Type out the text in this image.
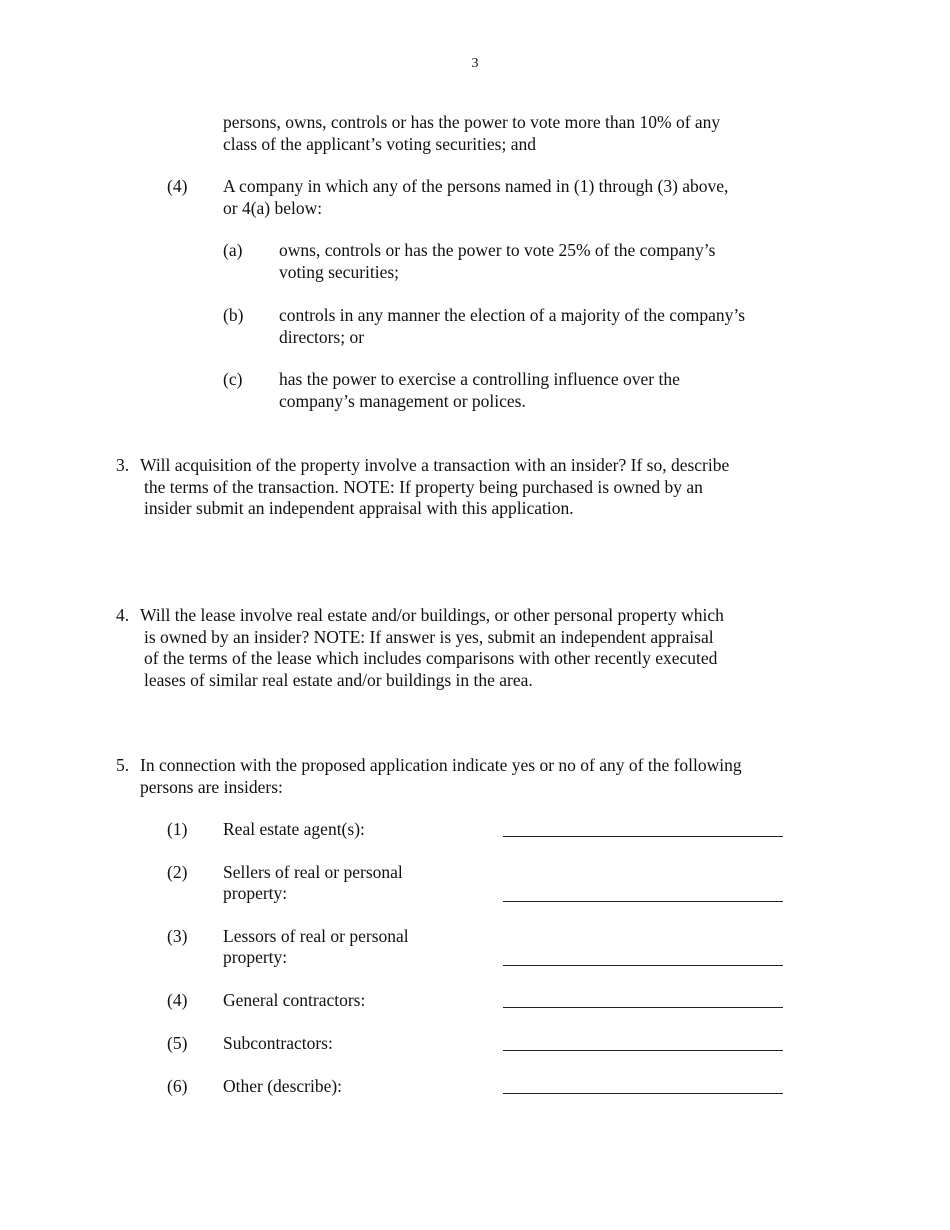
3
persons, owns, controls or has the power to vote more than 10% of any
class of the applicant’s voting securities; and
(4) A company in which any of the persons named in (1) through (3) above,
or 4(a) below:
(a) owns, controls or has the power to vote 25% of the company’s
voting securities;
(b) controls in any manner the election of a majority of the company’s
directors; or
(c) has the power to exercise a controlling influence over the
company’s management or polices.
3. Will acquisition of the property involve a transaction with an insider? If so, describe
the terms of the transaction. NOTE: If property being purchased is owned by an
insider submit an independent appraisal with this application.
4. Will the lease involve real estate and/or buildings, or other personal property which
is owned by an insider? NOTE: If answer is yes, submit an independent appraisal
of the terms of the lease which includes comparisons with other recently executed
leases of similar real estate and/or buildings in the area.
5. In connection with the proposed application indicate yes or no of any of the following
persons are insiders:
(1) Real estate agent(s):
(2) Sellers of real or personal
property:
(3) Lessors of real or personal
property:
(4) General contractors:
(5) Subcontractors:
(6) Other (describe):
